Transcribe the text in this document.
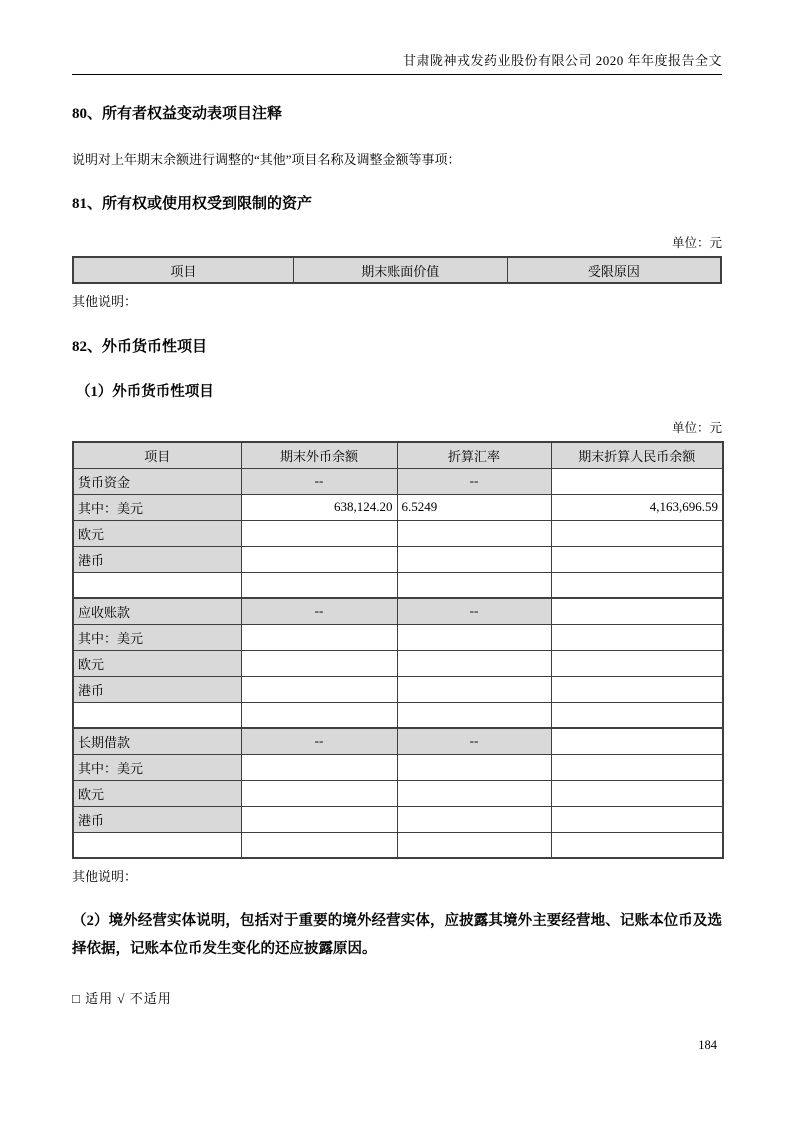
甘肃陇神戎发药业股份有限公司 2020 年年度报告全文
80、所有者权益变动表项目注释
说明对上年期末余额进行调整的“其他”项目名称及调整金额等事项：
81、所有权或使用权受到限制的资产
单位：元
项目	期末账面价值	受限原因
其他说明：
82、外币货币性项目
（1）外币货币性项目
单位：元
项目	期末外币余额	折算汇率	期末折算人民币余额
货币资金	--	--	
其中：美元	638,124.20	6.5249	4,163,696.59
欧元			
港币			

应收账款	--	--	
其中：美元			
欧元			
港币			

长期借款	--	--	
其中：美元			
欧元			
港币			

其他说明：
（2）境外经营实体说明，包括对于重要的境外经营实体，应披露其境外主要经营地、记账本位币及选择依据，记账本位币发生变化的还应披露原因。
□ 适用 √ 不适用
184
